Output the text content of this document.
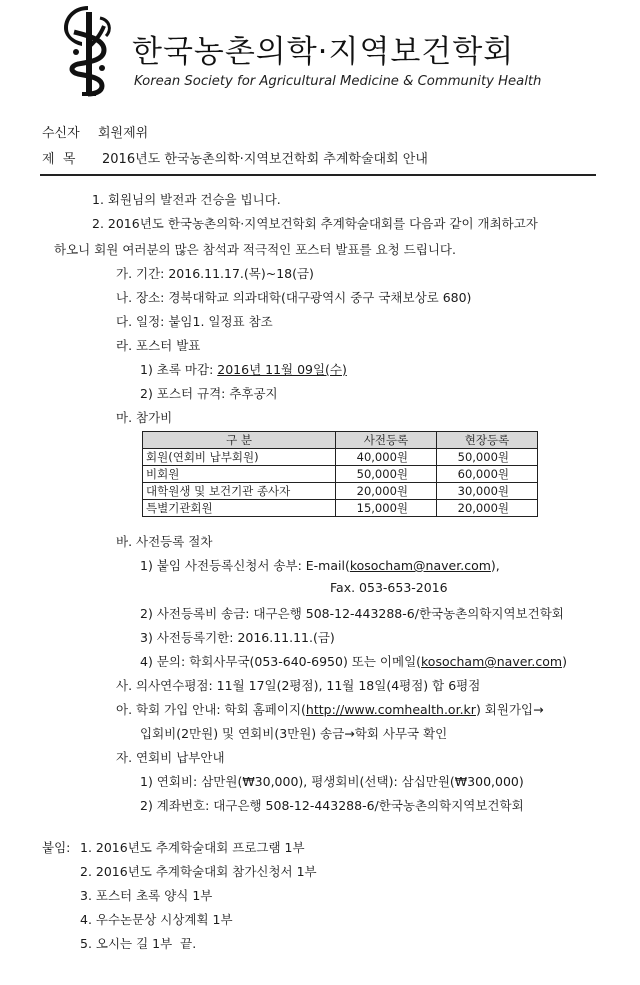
한국농촌의학·지역보건학회
Korean Society for Agricultural Medicine & Community Health
수신자 회원제위
제  목 2016년도 한국농촌의학·지역보건학회 추계학술대회 안내
1. 회원님의 발전과 건승을 빕니다.
2. 2016년도 한국농촌의학·지역보건학회 추계학술대회를 다음과 같이 개최하고자
하오니 회원 여러분의 많은 참석과 적극적인 포스터 발표를 요청 드립니다.
가. 기간: 2016.11.17.(목)~18(금)
나. 장소: 경북대학교 의과대학(대구광역시 중구 국채보상로 680)
다. 일정: 붙임1. 일정표 참조
라. 포스터 발표
1) 초록 마감: 2016년 11월 09일(수)
2) 포스터 규격: 추후공지
마. 참가비
구 분	사전등록	현장등록
회원(연회비 납부회원)	40,000원	50,000원
비회원	50,000원	60,000원
대학원생 및 보건기관 종사자	20,000원	30,000원
특별기관회원	15,000원	20,000원
바. 사전등록 절차
1) 붙임 사전등록신청서 송부: E-mail(kosocham@naver.com),
Fax. 053-653-2016
2) 사전등록비 송금: 대구은행 508-12-443288-6/한국농촌의학지역보건학회
3) 사전등록기한: 2016.11.11.(금)
4) 문의: 학회사무국(053-640-6950) 또는 이메일(kosocham@naver.com)
사. 의사연수평점: 11월 17일(2평점), 11월 18일(4평점) 합 6평점
아. 학회 가입 안내: 학회 홈페이지(http://www.comhealth.or.kr) 회원가입→
입회비(2만원) 및 연회비(3만원) 송금→학회 사무국 확인
자. 연회비 납부안내
1) 연회비: 삼만원(₩30,000), 평생회비(선택): 삼십만원(₩300,000)
2) 계좌번호: 대구은행 508-12-443288-6/한국농촌의학지역보건학회
붙임: 1. 2016년도 추계학술대회 프로그램 1부
2. 2016년도 추계학술대회 참가신청서 1부
3. 포스터 초록 양식 1부
4. 우수논문상 시상계획 1부
5. 오시는 길 1부  끝.
